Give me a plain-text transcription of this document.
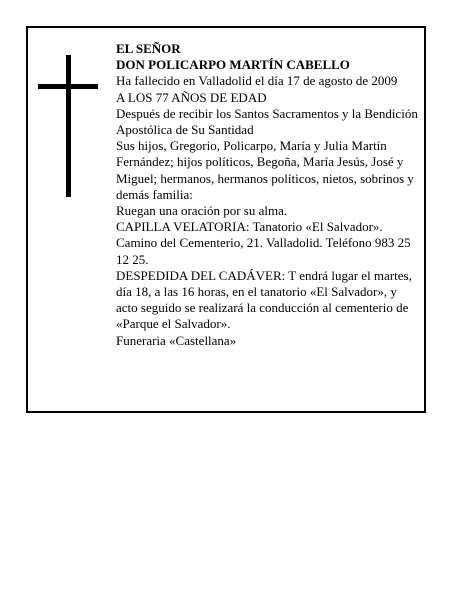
EL SEÑOR

DON POLICARPO MARTÍN CABELLO

Ha fallecido en Valladolid el día 17 de agosto de 2009

A LOS 77 AÑOS DE EDAD

Después de recibir los Santos Sacramentos y la Bendición Apostólica de Su Santidad

Sus hijos, Gregorio, Policarpo, María y Julia Martín Fernández; hijos políticos, Begoña, María Jesús, José y Miguel; hermanos, hermanos políticos, nietos, sobrinos y demás familia:

Ruegan una oración por su alma.

CAPILLA VELATORIA: Tanatorio «El Salvador». Camino del Cementerio, 21. Valladolid. Teléfono 983 25 12 25.

DESPEDIDA DEL CADÁVER: T endrá lugar el martes, día 18, a las 16 horas, en el tanatorio «El Salvador», y acto seguido se realizará la conducción al cementerio de «Parque el Salvador».

Funeraria «Castellana»
